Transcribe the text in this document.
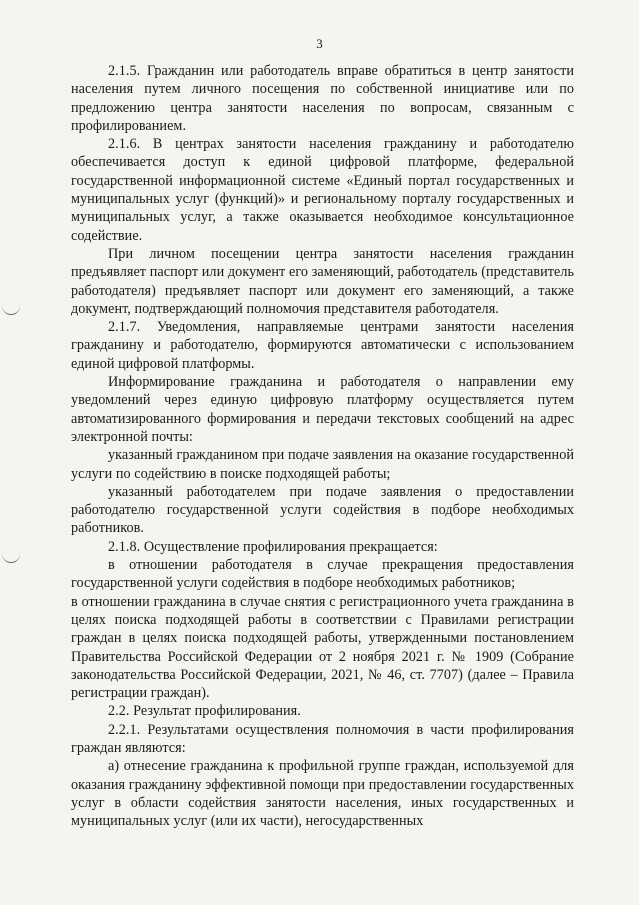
3

2.1.5. Гражданин или работодатель вправе обратиться в центр занятости населения путем личного посещения по собственной инициативе или по предложению центра занятости населения по вопросам, связанным с профилированием.

2.1.6. В центрах занятости населения гражданину и работодателю обеспечивается доступ к единой цифровой платформе, федеральной государственной информационной системе «Единый портал государственных и муниципальных услуг (функций)» и региональному порталу государственных и муниципальных услуг, а также оказывается необходимое консультационное содействие.

При личном посещении центра занятости населения гражданин предъявляет паспорт или документ его заменяющий, работодатель (представитель работодателя) предъявляет паспорт или документ его заменяющий, а также документ, подтверждающий полномочия представителя работодателя.

2.1.7. Уведомления, направляемые центрами занятости населения гражданину и работодателю, формируются автоматически с использованием единой цифровой платформы.

Информирование гражданина и работодателя о направлении ему уведомлений через единую цифровую платформу осуществляется путем автоматизированного формирования и передачи текстовых сообщений на адрес электронной почты:

указанный гражданином при подаче заявления на оказание государственной услуги по содействию в поиске подходящей работы;

указанный работодателем при подаче заявления о предоставлении работодателю государственной услуги содействия в подборе необходимых работников.

2.1.8. Осуществление профилирования прекращается:

в отношении работодателя в случае прекращения предоставления государственной услуги содействия в подборе необходимых работников;

в отношении гражданина в случае снятия с регистрационного учета гражданина в целях поиска подходящей работы в соответствии с Правилами регистрации граждан в целях поиска подходящей работы, утвержденными постановлением Правительства Российской Федерации от 2 ноября 2021 г. № 1909 (Собрание законодательства Российской Федерации, 2021, № 46, ст. 7707) (далее – Правила регистрации граждан).

2.2. Результат профилирования.

2.2.1. Результатами осуществления полномочия в части профилирования граждан являются:

а) отнесение гражданина к профильной группе граждан, используемой для оказания гражданину эффективной помощи при предоставлении государственных услуг в области содействия занятости населения, иных государственных и муниципальных услуг (или их части), негосударственных
